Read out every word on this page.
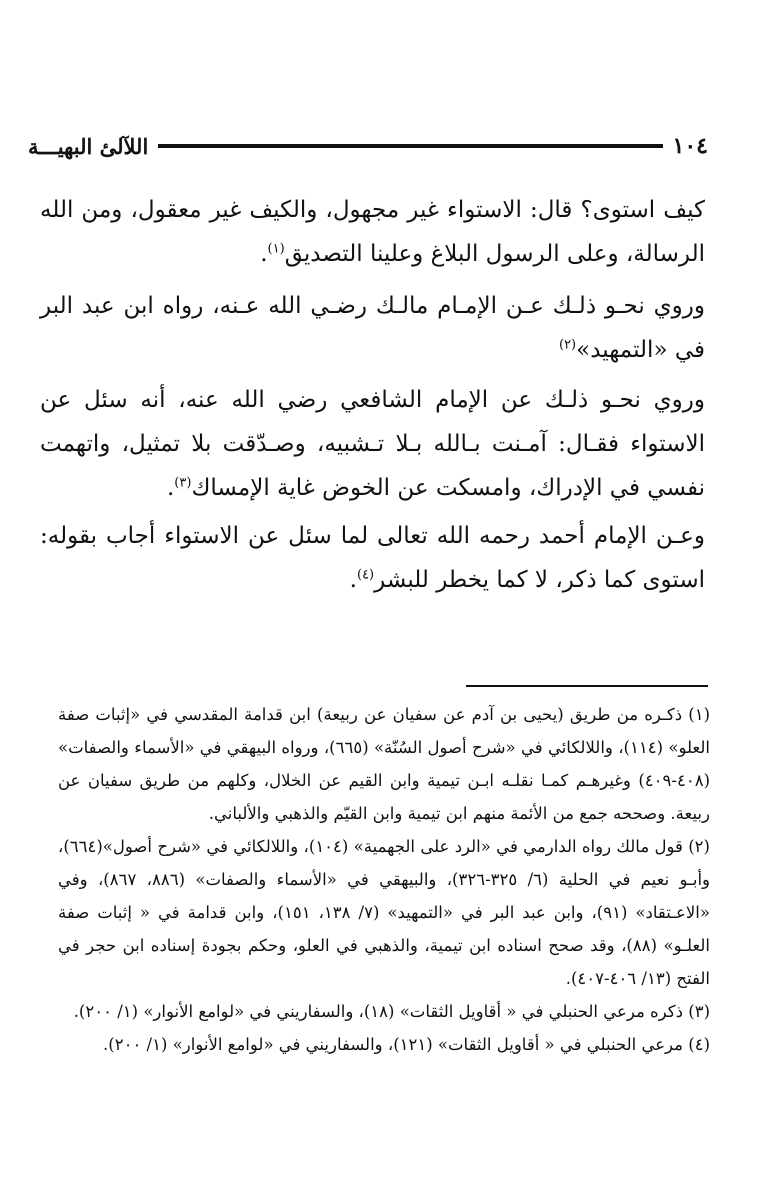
اللآلئ البهيـــة	١٠٤

كيف استوى؟ قال: الاستواء غير مجهول، والكيف غير معقول، ومن الله الرسالة، وعلى الرسول البلاغ وعلينا التصديق$^{(١)}$.

وروي نحـو ذلـك عـن الإمـام مالـك رضـي الله عـنه، رواه ابن عبد البر في «التمهيد»$^{(٢)}$

وروي نحـو ذلـك عن الإمام الشافعي رضي الله عنه، أنه سئل عن الاستواء فقـال: آمـنت بـالله بـلا تـشبيه، وصـدّقت بلا تمثيل، واتهمت نفسي في الإدراك، وامسكت عن الخوض غاية الإمساك$^{(٣)}$.

وعـن الإمام أحمد رحمه الله تعالى لما سئل عن الاستواء أجاب بقوله: استوى كما ذكر، لا كما يخطر للبشر$^{(٤)}$.

(١) ذكـره من طريق (يحيى بن آدم عن سفيان عن ربيعة) ابن قدامة المقدسي في «إثبات صفة العلو» (١١٤)، واللالكائي في «شرح أصول السُنّة» (٦٦٥)، ورواه البيهقي في «الأسماء والصفات» (٤٠٨-٤٠٩) وغيرهـم كمـا نقلـه ابـن تيمية وابن القيم عن الخلال، وكلهم من طريق سفيان عن ربيعة. وصححه جمع من الأئمة منهم ابن تيمية وابن القيّم والذهبي والألباني.

(٢) قول مالك رواه الدارمي في «الرد على الجهمية» (١٠٤)، واللالكائي في «شرح أصول»(٦٦٤)، وأبـو نعيم في الحلية (٦/ ٣٢٥-٣٢٦)، والبيهقي في «الأسماء والصفات» (٨٨٦، ٨٦٧)، وفي «الاعـتقاد» (٩١)، وابن عبد البر في «التمهيد» (٧/ ١٣٨، ١٥١)، وابن قدامة في « إثبات صفة العلـو» (٨٨)، وقد صحح اسناده ابن تيمية، والذهبي في العلو، وحكم بجودة إسناده ابن حجر في الفتح (١٣/ ٤٠٦-٤٠٧).

(٣) ذكره مرعي الحنبلي في « أقاويل الثقات» (١٨)، والسفاريني في «لوامع الأنوار» (١/ ٢٠٠).

(٤) مرعي الحنبلي في « أقاويل الثقات» (١٢١)، والسفاريني في «لوامع الأنوار» (١/ ٢٠٠).
